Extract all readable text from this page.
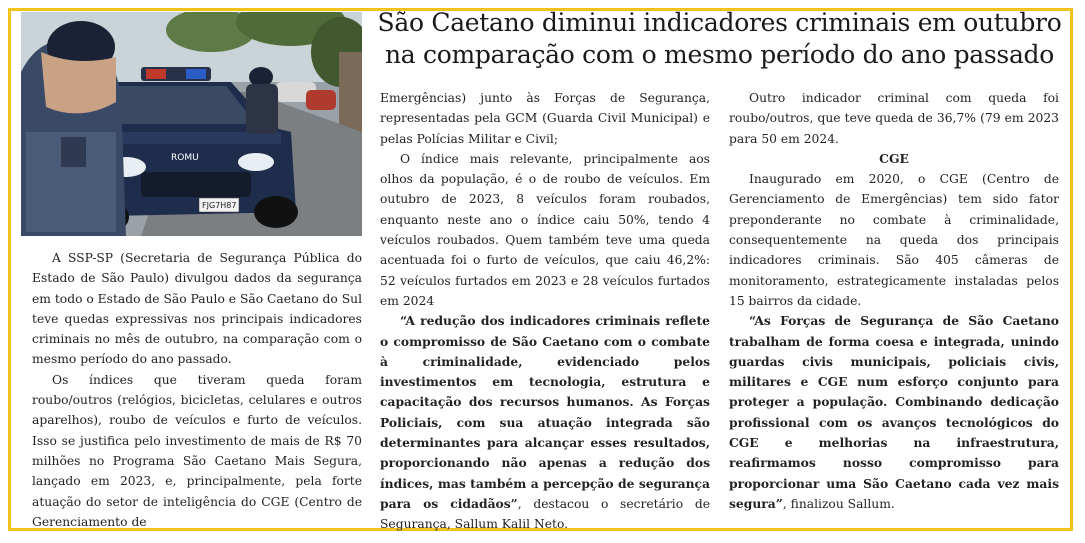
São Caetano diminui indicadores criminais em outubro
na comparação com o mesmo período do ano passado
ROMU
FJG7H87

A SSP-SP (Secretaria de Segurança Pública do Estado de São Paulo) divulgou dados da segurança em todo o Estado de São Paulo e São Caetano do Sul teve quedas expressivas nos principais indicadores criminais no mês de outubro, na comparação com o mesmo período do ano passado.

Os índices que tiveram queda foram roubo/outros (relógios, bicicletas, celulares e outros aparelhos), roubo de veículos e furto de veículos. Isso se justifica pelo investimento de mais de R$ 70 milhões no Programa São Caetano Mais Segura, lançado em 2023, e, principalmente, pela forte atuação do setor de inteligência do CGE (Centro de Gerenciamento de

Emergências) junto às Forças de Segurança, representadas pela GCM (Guarda Civil Municipal) e pelas Polícias Militar e Civil;

O índice mais relevante, principalmente aos olhos da população, é o de roubo de veículos. Em outubro de 2023, 8 veículos foram roubados, enquanto neste ano o índice caiu 50%, tendo 4 veículos roubados. Quem também teve uma queda acentuada foi o furto de veículos, que caiu 46,2%: 52 veículos furtados em 2023 e 28 veículos furtados em 2024

“A redução dos indicadores criminais reflete o compromisso de São Caetano com o combate à criminalidade, evidenciado pelos investimentos em tecnologia, estrutura e capacitação dos recursos humanos. As Forças Policiais, com sua atuação integrada são determinantes para alcançar esses resultados, proporcionando não apenas a redução dos índices, mas também a percepção de segurança para os cidadãos”, destacou o secretário de Segurança, Sallum Kalil Neto.

Outro indicador criminal com queda foi roubo/outros, que teve queda de 36,7% (79 em 2023 para 50 em 2024.

CGE

Inaugurado em 2020, o CGE (Centro de Gerenciamento de Emergências) tem sido fator preponderante no combate à criminalidade, consequentemente na queda dos principais indicadores criminais. São 405 câmeras de monitoramento, estrategicamente instaladas pelos 15 bairros da cidade.

“As Forças de Segurança de São Caetano trabalham de forma coesa e integrada, unindo guardas civis municipais, policiais civis, militares e CGE num esforço conjunto para proteger a população. Combinando dedicação profissional com os avanços tecnológicos do CGE e melhorias na infraestrutura, reafirmamos nosso compromisso para proporcionar uma São Caetano cada vez mais segura”, finalizou Sallum.
